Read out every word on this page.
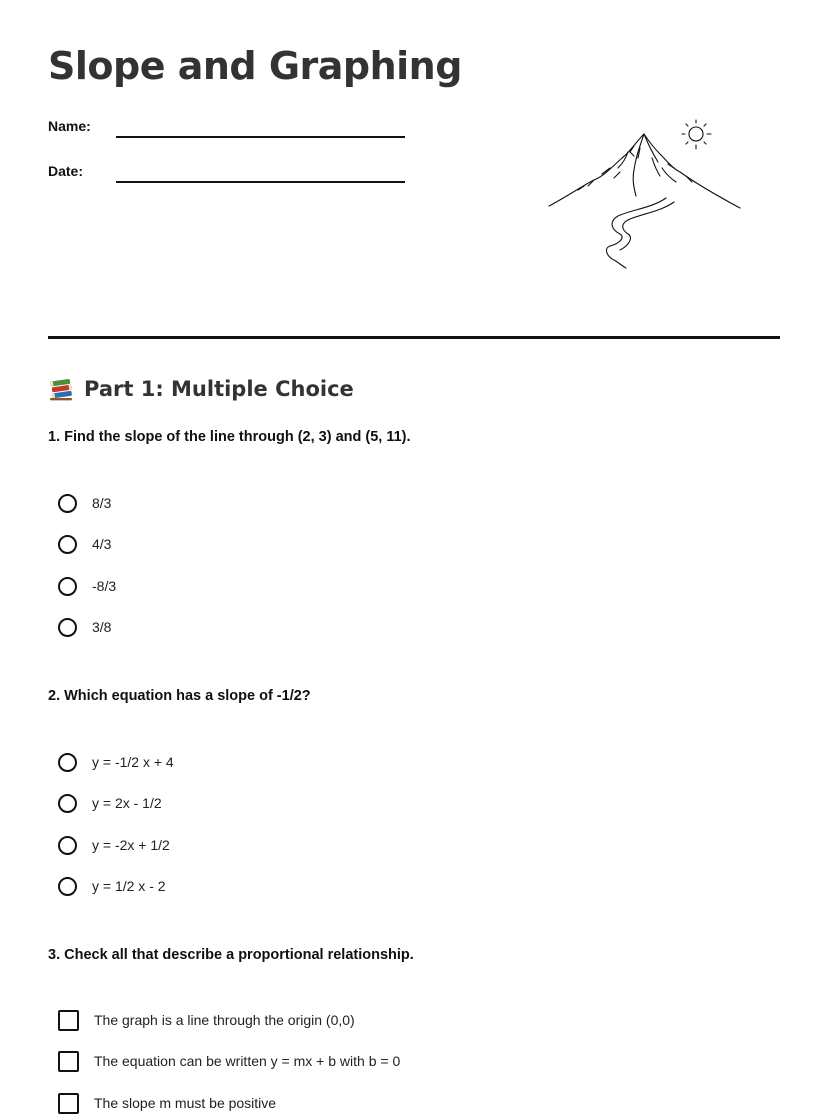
Slope and Graphing
Name:
Date:
Part 1: Multiple Choice
1. Find the slope of the line through (2, 3) and (5, 11).
8/3
4/3
-8/3
3/8
2. Which equation has a slope of -1/2?
y = -1/2 x + 4
y = 2x - 1/2
y = -2x + 1/2
y = 1/2 x - 2
3. Check all that describe a proportional relationship.
The graph is a line through the origin (0,0)
The equation can be written y = mx + b with b = 0
The slope m must be positive
